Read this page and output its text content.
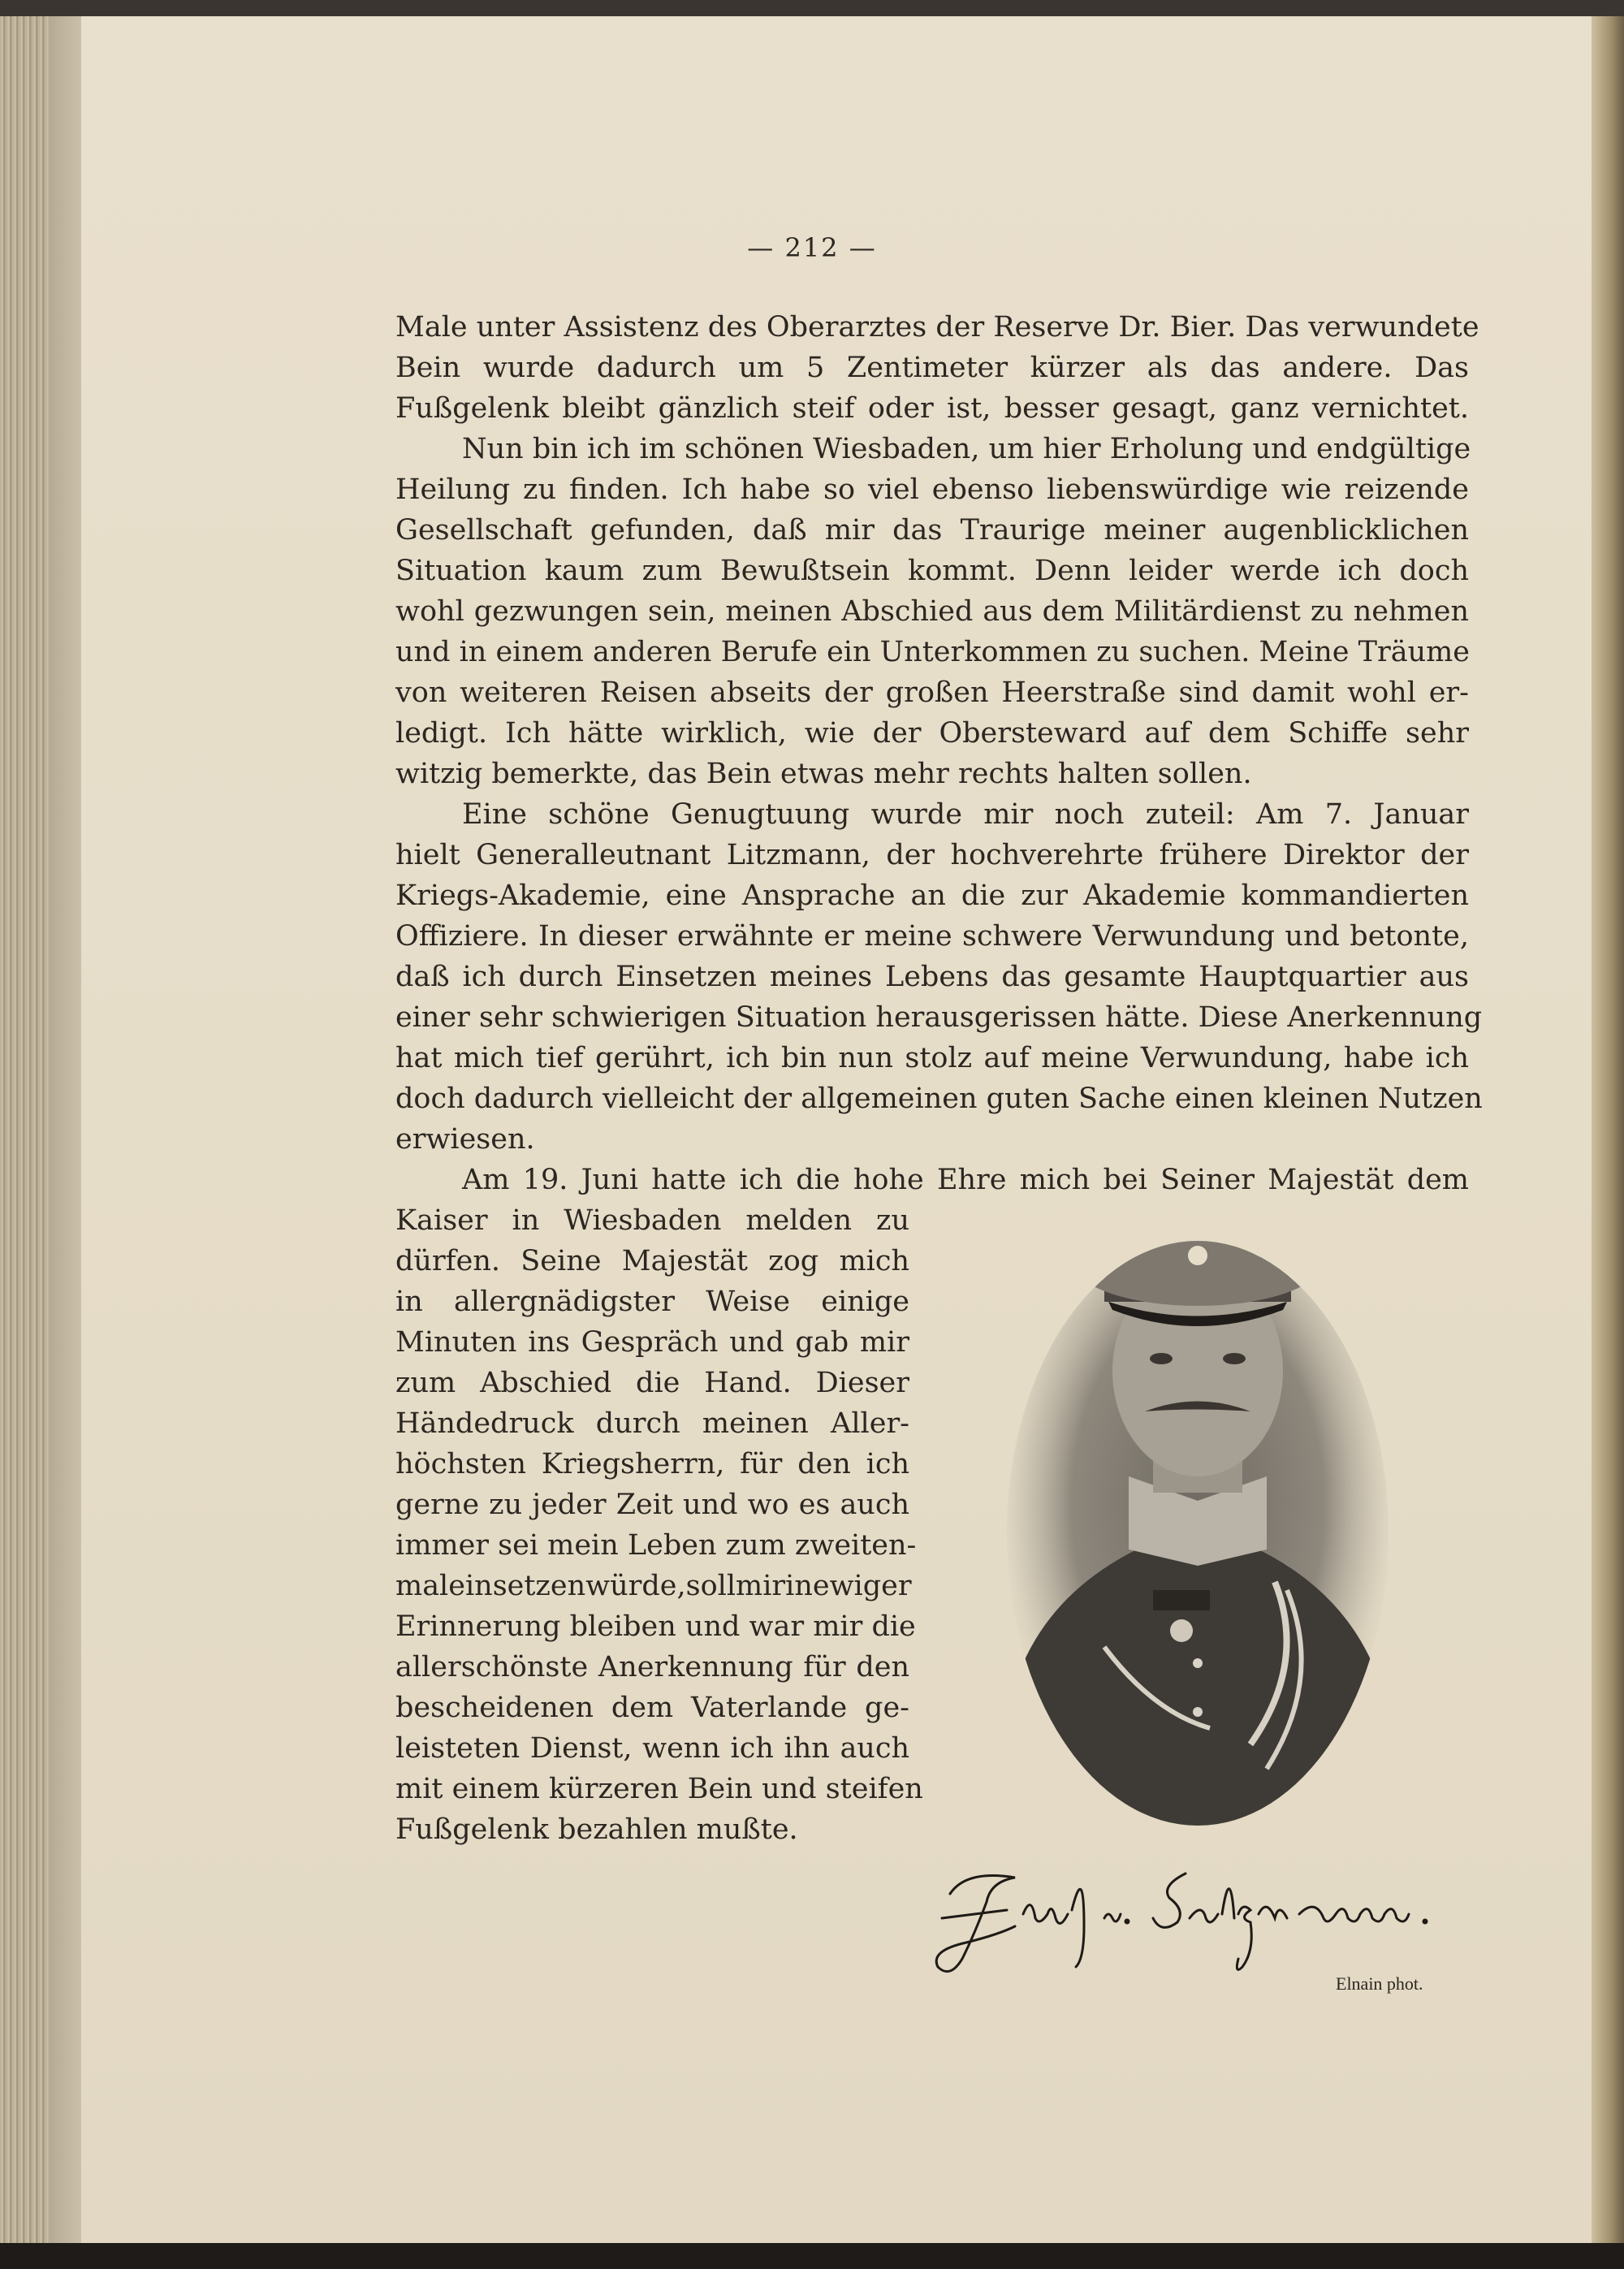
— 212 —
Male unter Assistenz des Oberarztes der Reserve Dr. Bier. Das verwundete
Bein wurde dadurch um 5 Zentimeter kürzer als das andere. Das
Fußgelenk bleibt gänzlich steif oder ist, besser gesagt, ganz vernichtet.
Nun bin ich im schönen Wiesbaden, um hier Erholung und endgültige
Heilung zu finden. Ich habe so viel ebenso liebenswürdige wie reizende
Gesellschaft gefunden, daß mir das Traurige meiner augenblicklichen
Situation kaum zum Bewußtsein kommt. Denn leider werde ich doch
wohl gezwungen sein, meinen Abschied aus dem Militärdienst zu nehmen
und in einem anderen Berufe ein Unterkommen zu suchen. Meine Träume
von weiteren Reisen abseits der großen Heerstraße sind damit wohl er-
ledigt. Ich hätte wirklich, wie der Obersteward auf dem Schiffe sehr
witzig bemerkte, das Bein etwas mehr rechts halten sollen.
Eine schöne Genugtuung wurde mir noch zuteil: Am 7. Januar
hielt Generalleutnant Litzmann, der hochverehrte frühere Direktor der
Kriegs-Akademie, eine Ansprache an die zur Akademie kommandierten
Offiziere. In dieser erwähnte er meine schwere Verwundung und betonte,
daß ich durch Einsetzen meines Lebens das gesamte Hauptquartier aus
einer sehr schwierigen Situation herausgerissen hätte. Diese Anerkennung
hat mich tief gerührt, ich bin nun stolz auf meine Verwundung, habe ich
doch dadurch vielleicht der allgemeinen guten Sache einen kleinen Nutzen
erwiesen.
Am 19. Juni hatte ich die hohe Ehre mich bei Seiner Majestät dem
Kaiser in Wiesbaden melden zu
dürfen. Seine Majestät zog mich
in allergnädigster Weise einige
Minuten ins Gespräch und gab mir
zum Abschied die Hand. Dieser
Händedruck durch meinen Aller-
höchsten Kriegsherrn, für den ich
gerne zu jeder Zeit und wo es auch
immer sei mein Leben zum zweiten-
maleinsetzenwürde,sollmirinewiger
Erinnerung bleiben und war mir die
allerschönste Anerkennung für den
bescheidenen dem Vaterlande ge-
leisteten Dienst, wenn ich ihn auch
mit einem kürzeren Bein und steifen
Fußgelenk bezahlen mußte.
Elnain phot.
